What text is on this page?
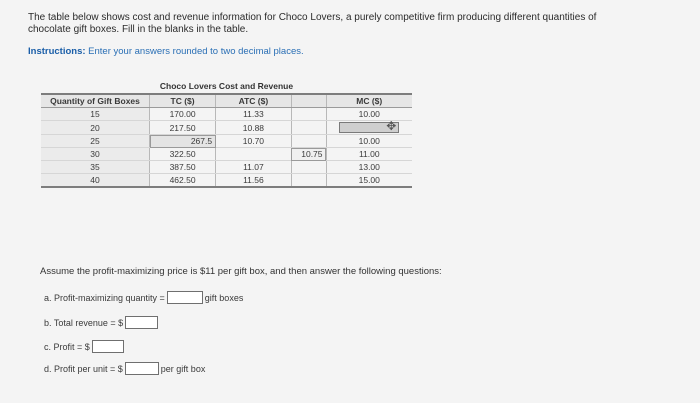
The table below shows cost and revenue information for Choco Lovers, a purely competitive firm producing different quantities of
chocolate gift boxes. Fill in the blanks in the table.
Instructions: Enter your answers rounded to two decimal places.
Choco Lovers Cost and Revenue
Quantity of Gift Boxes	TC ($)	ATC ($)		MC ($)
15	170.00	11.33		10.00
20	217.50	10.88		✥

25	267.5	10.70		10.00
30	322.50		10.75	11.00
35	387.50	11.07		13.00
40	462.50	11.56		15.00
Assume the profit-maximizing price is $11 per gift box, and then answer the following questions:
a. Profit-maximizing quantity =	gift boxes
b. Total revenue = $
c. Profit = $
d. Profit per unit = $	per gift box
